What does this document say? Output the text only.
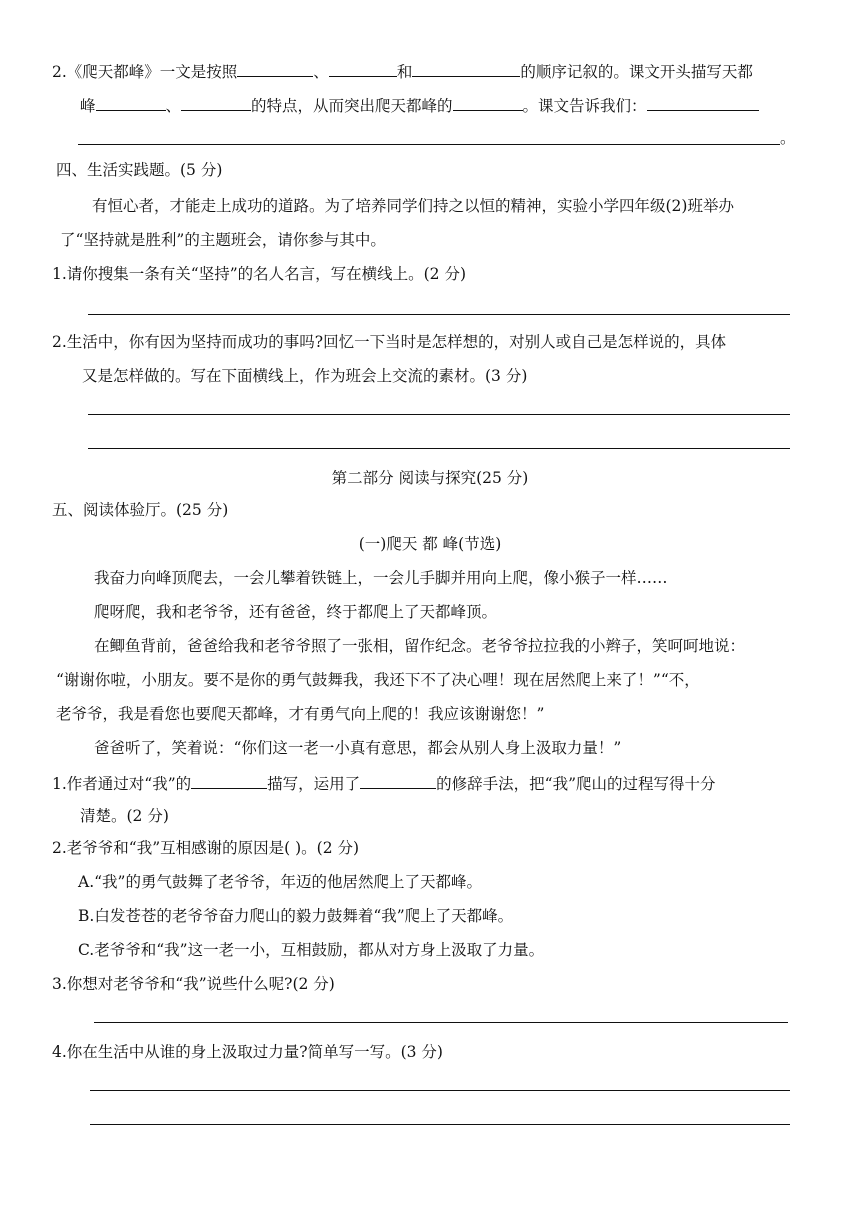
2.《爬天都峰》一文是按照	、	和	的顺序记叙的。课文开头描写天都
峰	、	的特点，从而突出爬天都峰的	。课文告诉我们：
。
四、生活实践题。(5 分)
有恒心者，才能走上成功的道路。为了培养同学们持之以恒的精神，实验小学四年级(2)班举办
了“坚持就是胜利”的主题班会，请你参与其中。
1.请你搜集一条有关“坚持”的名人名言，写在横线上。(2 分)
2.生活中，你有因为坚持而成功的事吗?回忆一下当时是怎样想的，对别人或自己是怎样说的，具体
又是怎样做的。写在下面横线上，作为班会上交流的素材。(3 分)
第二部分 阅读与探究(25 分)
五、阅读体验厅。(25 分)
(一)爬天 都 峰(节选)
我奋力向峰顶爬去，一会儿攀着铁链上，一会儿手脚并用向上爬，像小猴子一样……
爬呀爬，我和老爷爷，还有爸爸，终于都爬上了天都峰顶。
在鲫鱼背前，爸爸给我和老爷爷照了一张相，留作纪念。老爷爷拉拉我的小辫子，笑呵呵地说：
“谢谢你啦，小朋友。要不是你的勇气鼓舞我，我还下不了决心哩！现在居然爬上来了！”“不，
老爷爷，我是看您也要爬天都峰，才有勇气向上爬的！我应该谢谢您！”
爸爸听了，笑着说：“你们这一老一小真有意思，都会从别人身上汲取力量！”
1.作者通过对“我”的	描写，运用了	的修辞手法，把“我”爬山的过程写得十分
清楚。(2 分)
2.老爷爷和“我”互相感谢的原因是( )。(2 分)
A.“我”的勇气鼓舞了老爷爷，年迈的他居然爬上了天都峰。
B.白发苍苍的老爷爷奋力爬山的毅力鼓舞着“我”爬上了天都峰。
C.老爷爷和“我”这一老一小，互相鼓励，都从对方身上汲取了力量。
3.你想对老爷爷和“我”说些什么呢?(2 分)
4.你在生活中从谁的身上汲取过力量?简单写一写。(3 分)
